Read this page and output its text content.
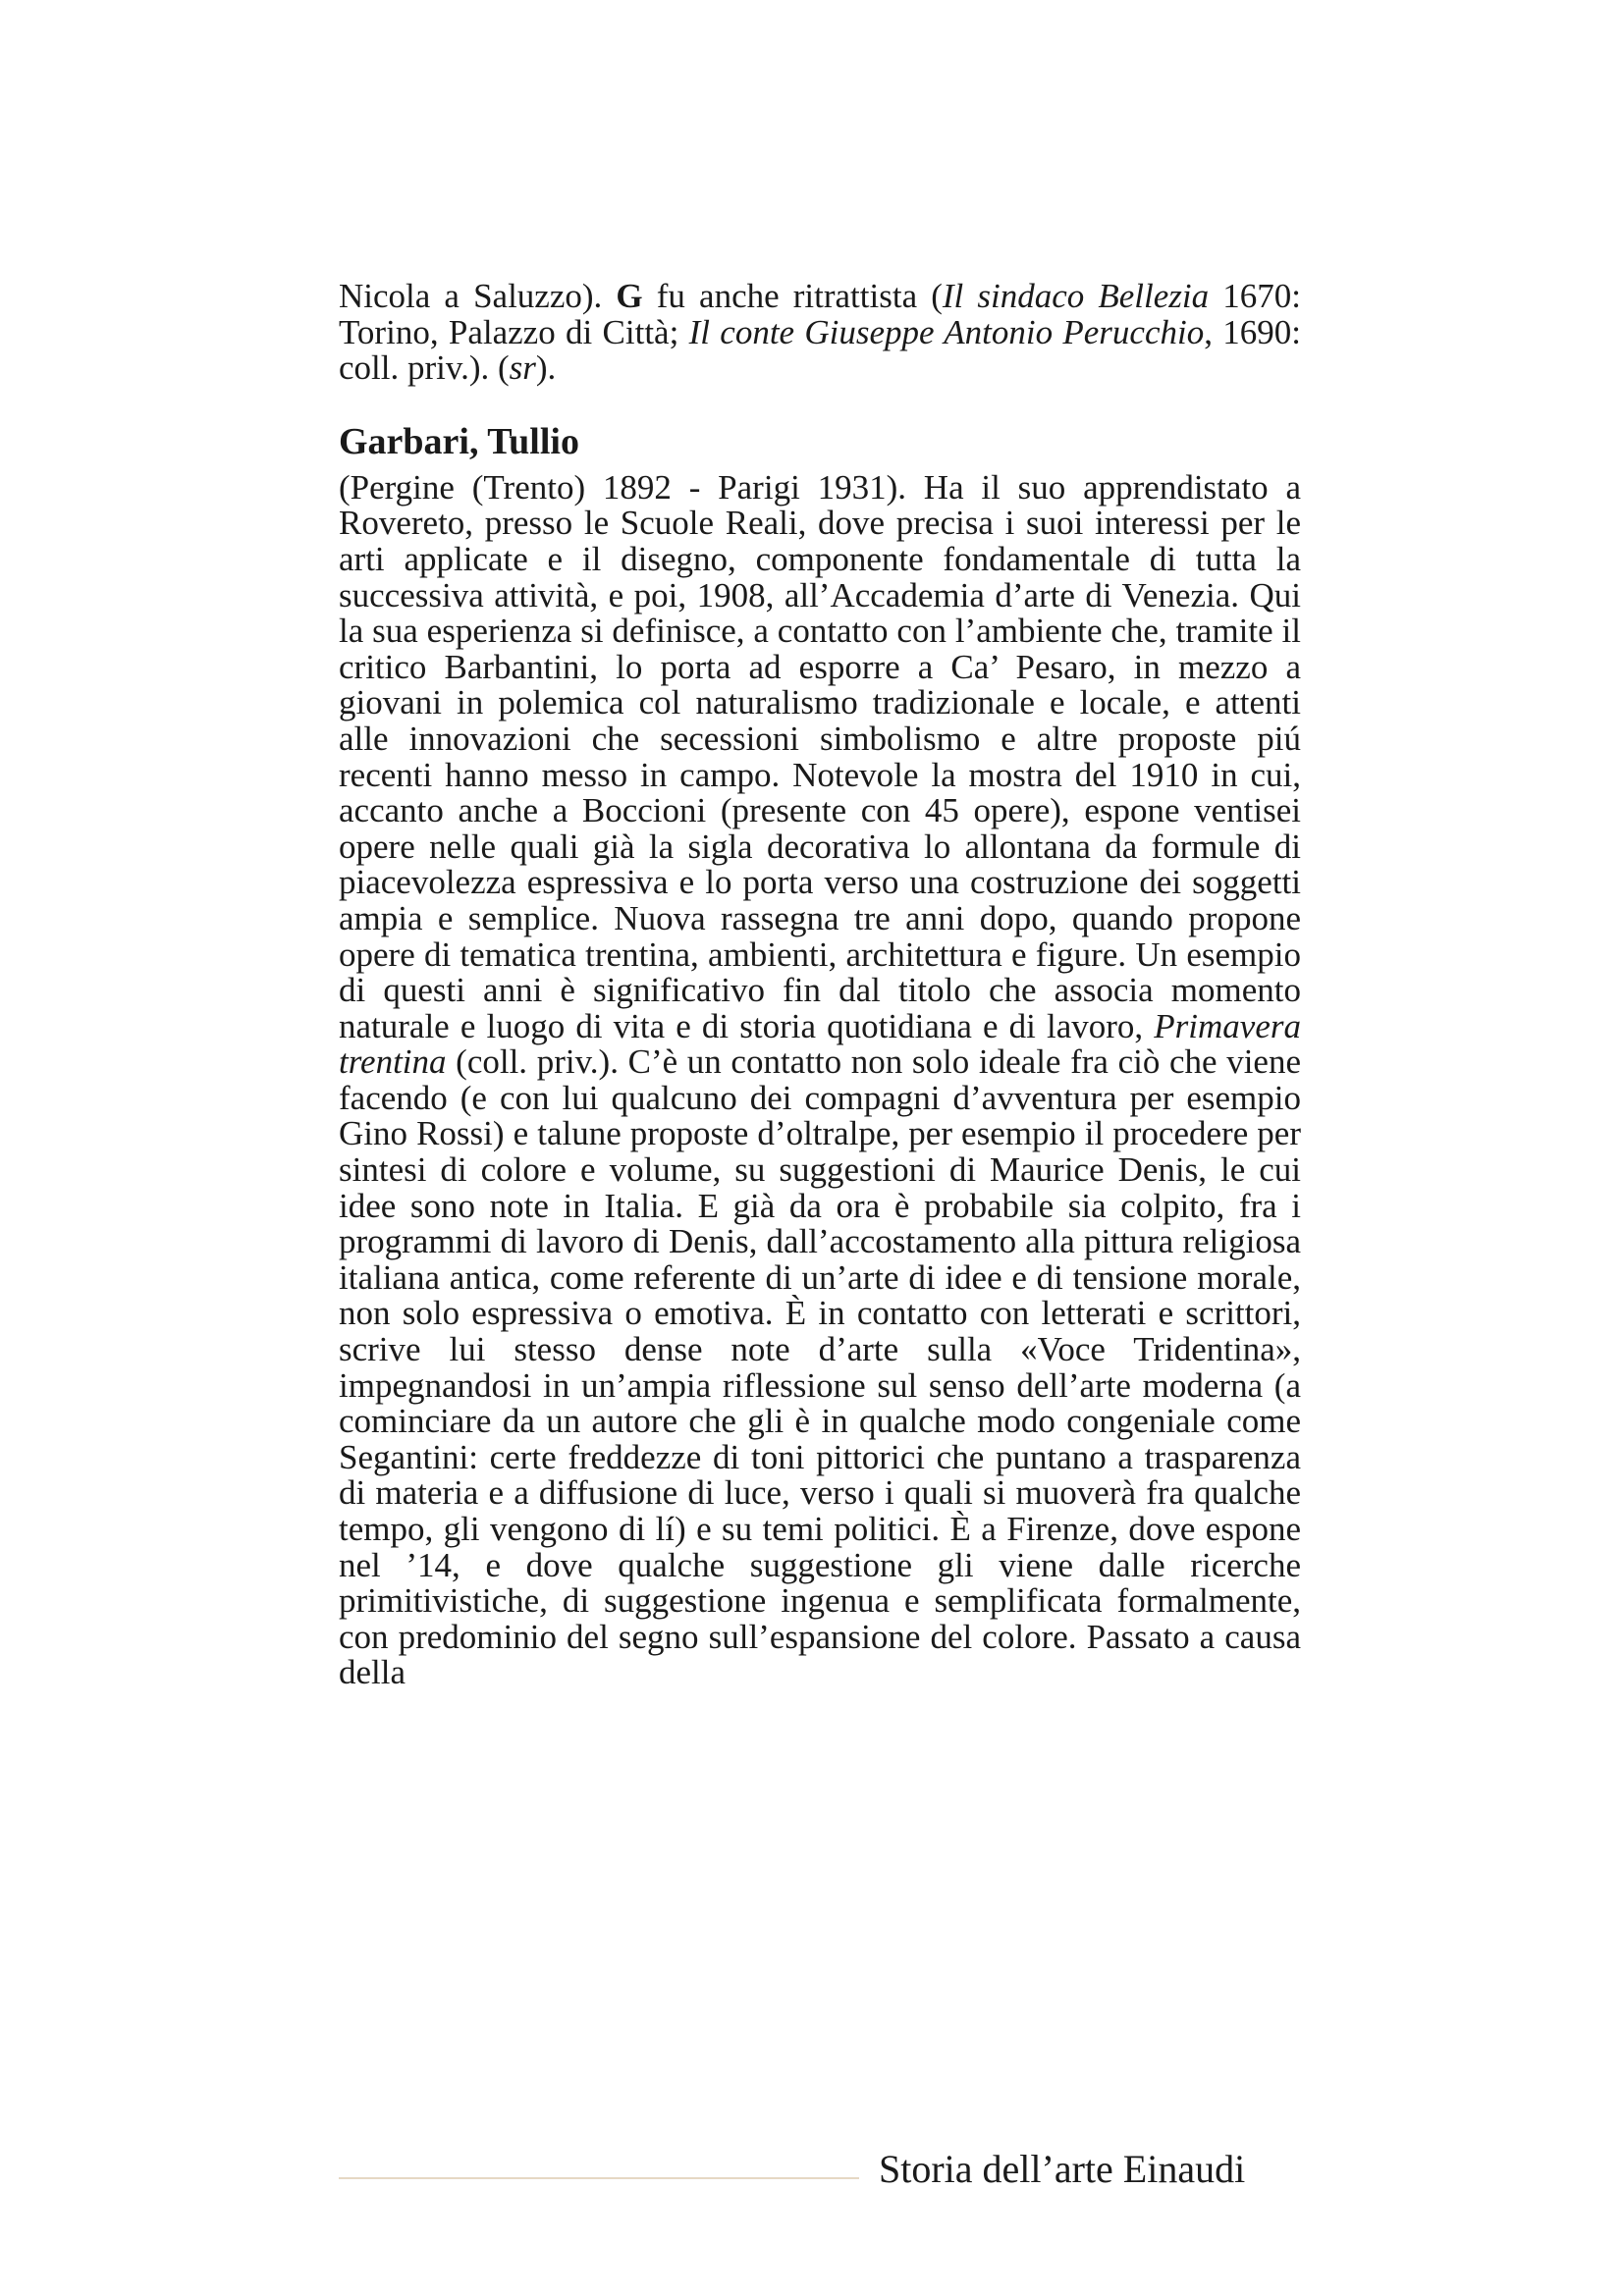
Nicola a Saluzzo). G fu anche ritrattista (Il sindaco Bellezia 1670: Torino, Palazzo di Città; Il conte Giuseppe Antonio Perucchio, 1690: coll. priv.). (sr).

Garbari, Tullio

(Pergine (Trento) 1892 - Parigi 1931). Ha il suo apprendistato a Rovereto, presso le Scuole Reali, dove precisa i suoi interessi per le arti applicate e il disegno, componente fondamentale di tutta la successiva attività, e poi, 1908, all’Accademia d’arte di Venezia. Qui la sua esperienza si definisce, a contatto con l’ambiente che, tramite il critico Barbantini, lo porta ad esporre a Ca’ Pesaro, in mezzo a giovani in polemica col naturalismo tradizionale e locale, e attenti alle innovazioni che secessioni simbolismo e altre proposte piú recenti hanno messo in campo. Notevole la mostra del 1910 in cui, accanto anche a Boccioni (presente con 45 opere), espone ventisei opere nelle quali già la sigla decorativa lo allontana da formule di piacevolezza espressiva e lo porta verso una costruzione dei soggetti ampia e semplice. Nuova rassegna tre anni dopo, quando propone opere di tematica trentina, ambienti, architettura e figure. Un esempio di questi anni è significativo fin dal titolo che associa momento naturale e luogo di vita e di storia quotidiana e di lavoro, Primavera trentina (coll. priv.). C’è un contatto non solo ideale fra ciò che viene facendo (e con lui qualcuno dei compagni d’avventura per esempio Gino Rossi) e talune proposte d’oltralpe, per esempio il procedere per sintesi di colore e volume, su suggestioni di Maurice Denis, le cui idee sono note in Italia. E già da ora è probabile sia colpito, fra i programmi di lavoro di Denis, dall’accostamento alla pittura religiosa italiana antica, come referente di un’arte di idee e di tensione morale, non solo espressiva o emotiva. È in contatto con letterati e scrittori, scrive lui stesso dense note d’arte sulla «Voce Tridentina», impegnandosi in un’ampia riflessione sul senso dell’arte moderna (a cominciare da un autore che gli è in qualche modo congeniale come Segantini: certe freddezze di toni pittorici che puntano a trasparenza di materia e a diffusione di luce, verso i quali si muoverà fra qualche tempo, gli vengono di lí) e su temi politici. È a Firenze, dove espone nel ’14, e dove qualche suggestione gli viene dalle ricerche primitivistiche, di suggestione ingenua e semplificata formalmente, con predominio del segno sull’espansione del colore. Passato a causa della

Storia dell’arte Einaudi
